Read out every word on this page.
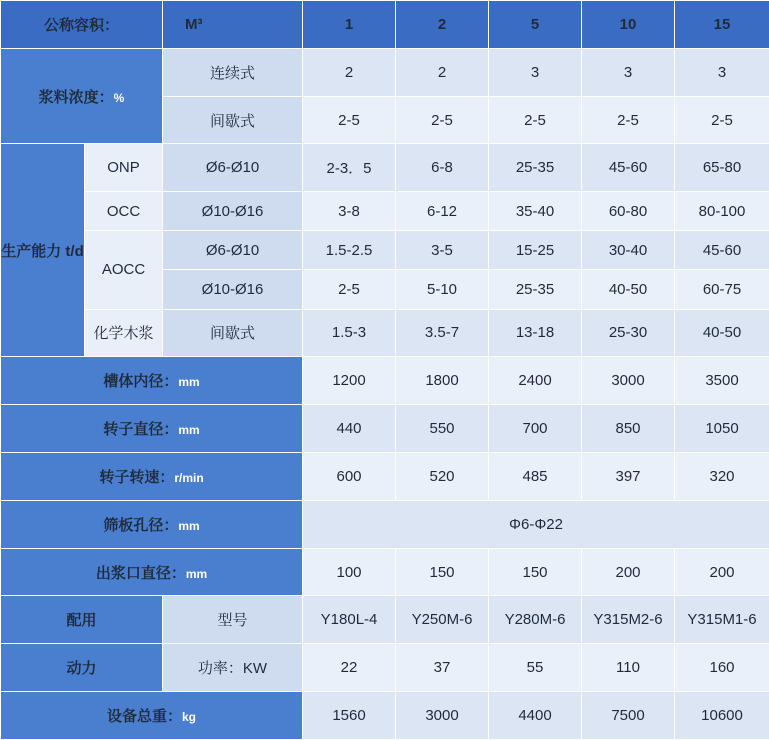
公称容积：		M³	1	2	5	10	15
浆料浓度：%		连续式	2	2	3	3	3
		间歇式	2-5	2-5	2-5	2-5	2-5
生产能力 t/d	ONP	Ø6-Ø10	2-3．5	6-8	25-35	45-60	65-80
	OCC	Ø10-Ø16	3-8	6-12	35-40	60-80	80-100
	AOCC	Ø6-Ø10	1.5-2.5	3-5	15-25	30-40	45-60
		Ø10-Ø16	2-5	5-10	25-35	40-50	60-75
	化学木浆	间歇式	1.5-3	3.5-7	13-18	25-30	40-50
槽体内径：mm			1200	1800	2400	3000	3500
转子直径：mm			440	550	700	850	1050
转子转速：r/min			600	520	485	397	320
筛板孔径：mm			Φ6-Φ22				
出浆口直径：mm			100	150	150	200	200
配用		型号	Y180L-4	Y250M-6	Y280M-6	Y315M2-6	Y315M1-6
动力		功率：KW	22	37	55	110	160
设备总重：kg			1560	3000	4400	7500	10600
